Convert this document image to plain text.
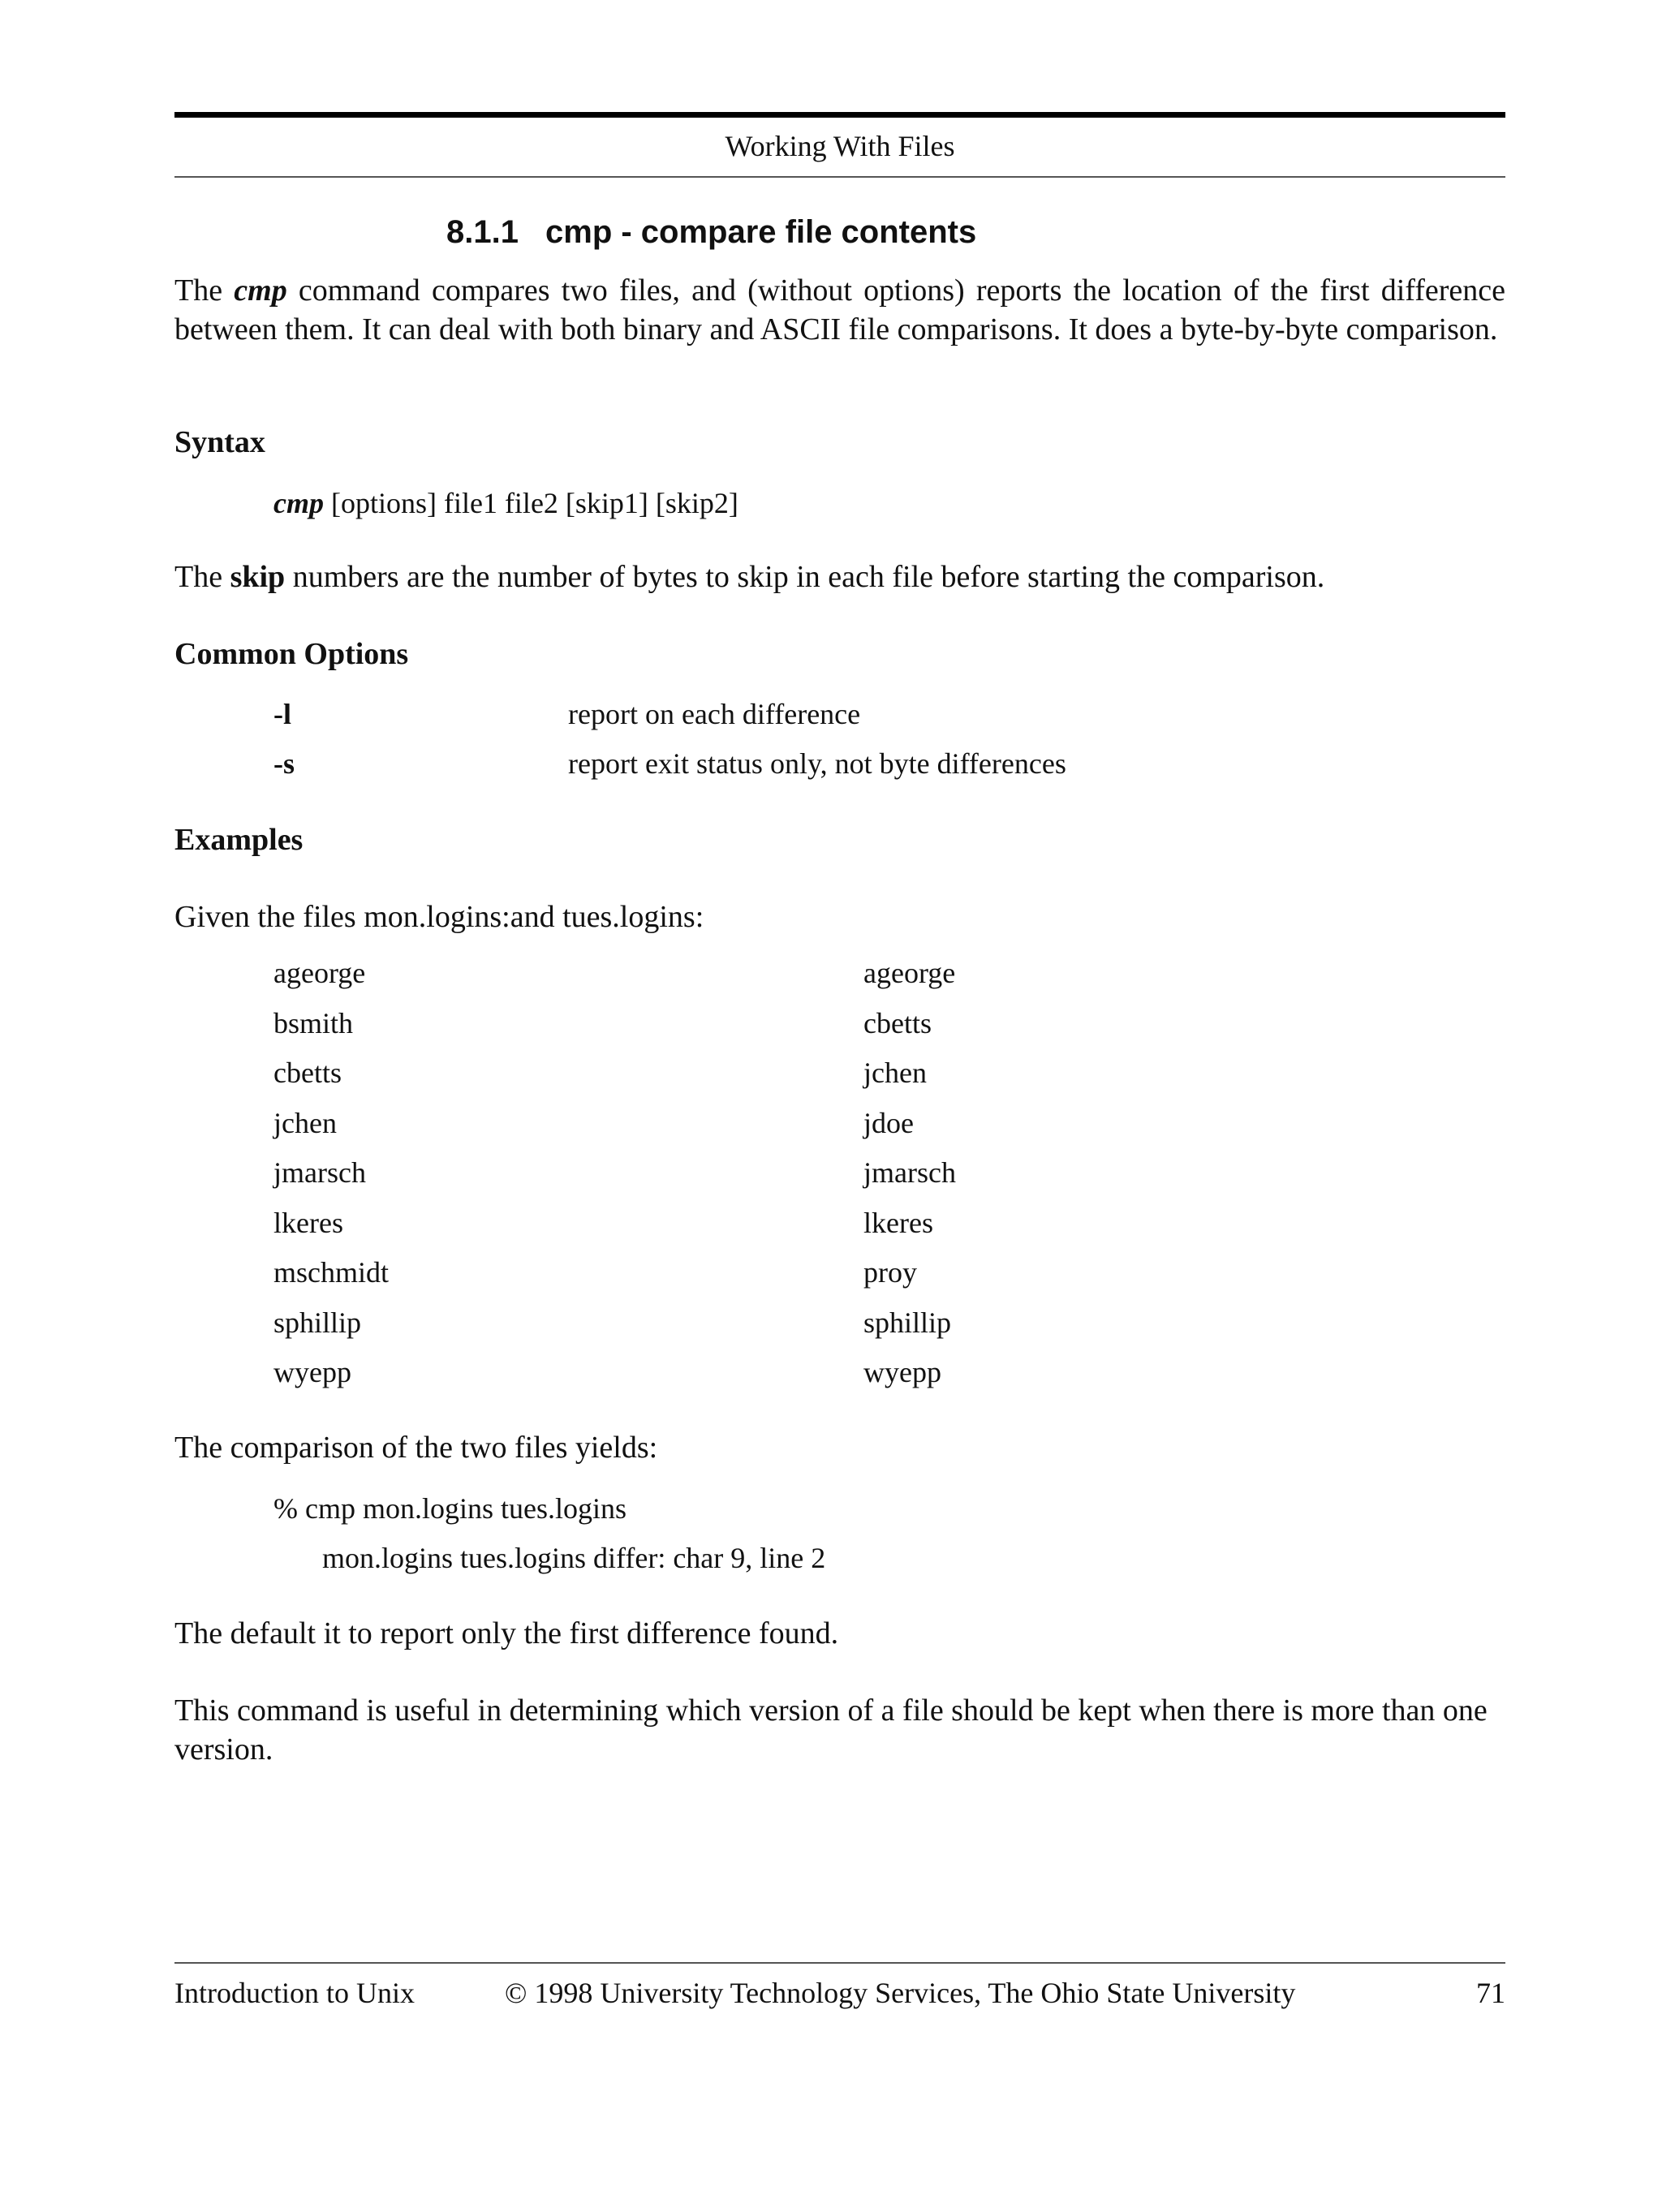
Working With Files
8.1.1 cmp - compare file contents
The cmp command compares two files, and (without options) reports the location of the first difference between them. It can deal with both binary and ASCII file comparisons. It does a byte-by-byte comparison.
Syntax
cmp [options] file1 file2 [skip1] [skip2]
The skip numbers are the number of bytes to skip in each file before starting the comparison.
Common Options
-l	report on each difference
-s	report exit status only, not byte differences
Examples
Given the files mon.logins:and tues.logins:
ageorge	ageorge
bsmith	cbetts
cbetts	jchen
jchen	jdoe
jmarsch	jmarsch
lkeres	lkeres
mschmidt	proy
sphillip	sphillip
wyepp	wyepp
The comparison of the two files yields:
% cmp mon.logins tues.logins
mon.logins tues.logins differ: char 9, line 2
The default it to report only the first difference found.
This command is useful in determining which version of a file should be kept when there is more than one version.
Introduction to Unix	© 1998 University Technology Services, The Ohio State University	71
